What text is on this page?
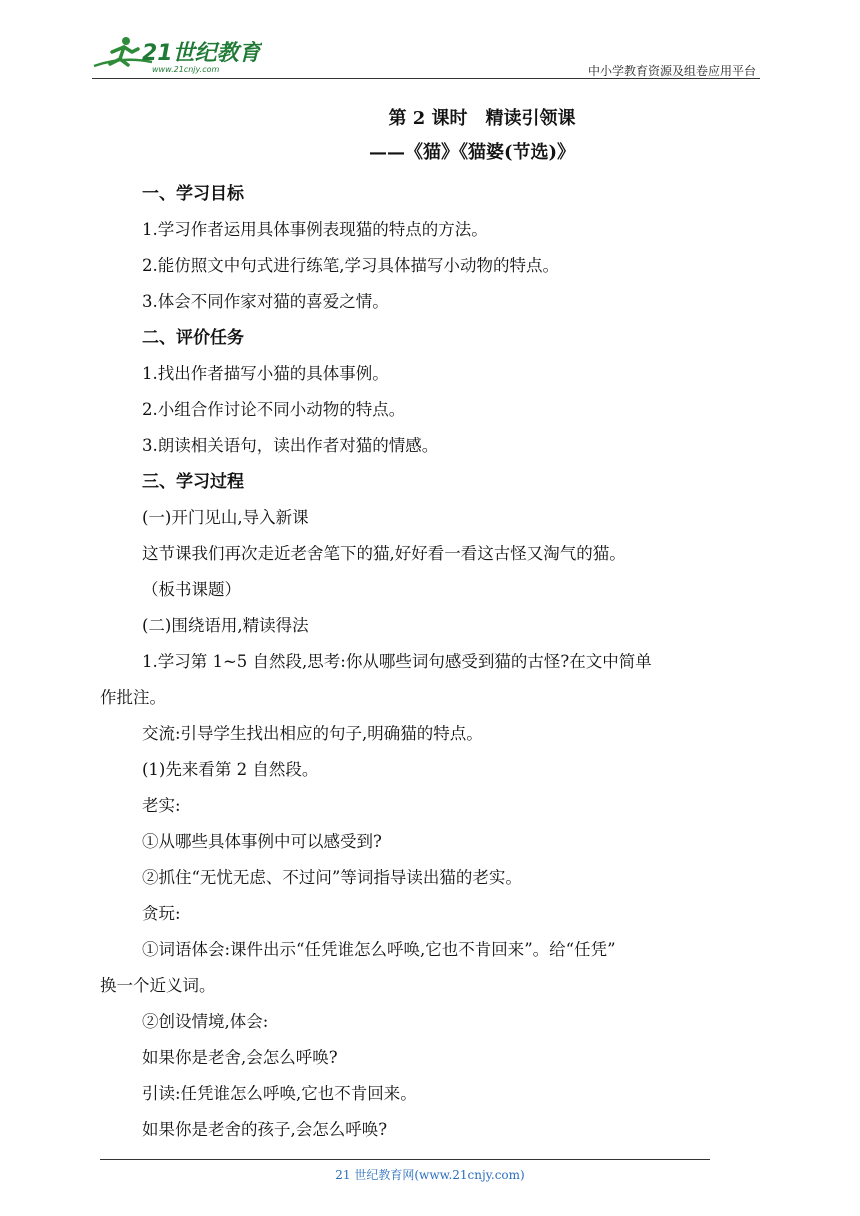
21世纪教育
www.21cnjy.com	中小学教育资源及组卷应用平台

第 2 课时　精读引领课

——《猫》《猫婆(节选)》

一、学习目标

1.学习作者运用具体事例表现猫的特点的方法。

2.能仿照文中句式进行练笔,学习具体描写小动物的特点。

3.体会不同作家对猫的喜爱之情。

二、评价任务

1.找出作者描写小猫的具体事例。

2.小组合作讨论不同小动物的特点。

3.朗读相关语句，读出作者对猫的情感。

三、学习过程

(一)开门见山,导入新课

这节课我们再次走近老舍笔下的猫,好好看一看这古怪又淘气的猫。

（板书课题）

(二)围绕语用,精读得法

1.学习第 1~5 自然段,思考:你从哪些词句感受到猫的古怪?在文中简单

作批注。

交流:引导学生找出相应的句子,明确猫的特点。

(1)先来看第 2 自然段。

老实:

①从哪些具体事例中可以感受到?

②抓住“无忧无虑、不过问”等词指导读出猫的老实。

贪玩:

①词语体会:课件出示“任凭谁怎么呼唤,它也不肯回来”。给“任凭”

换一个近义词。

②创设情境,体会:

如果你是老舍,会怎么呼唤?

引读:任凭谁怎么呼唤,它也不肯回来。

如果你是老舍的孩子,会怎么呼唤?

21 世纪教育网(www.21cnjy.com)
